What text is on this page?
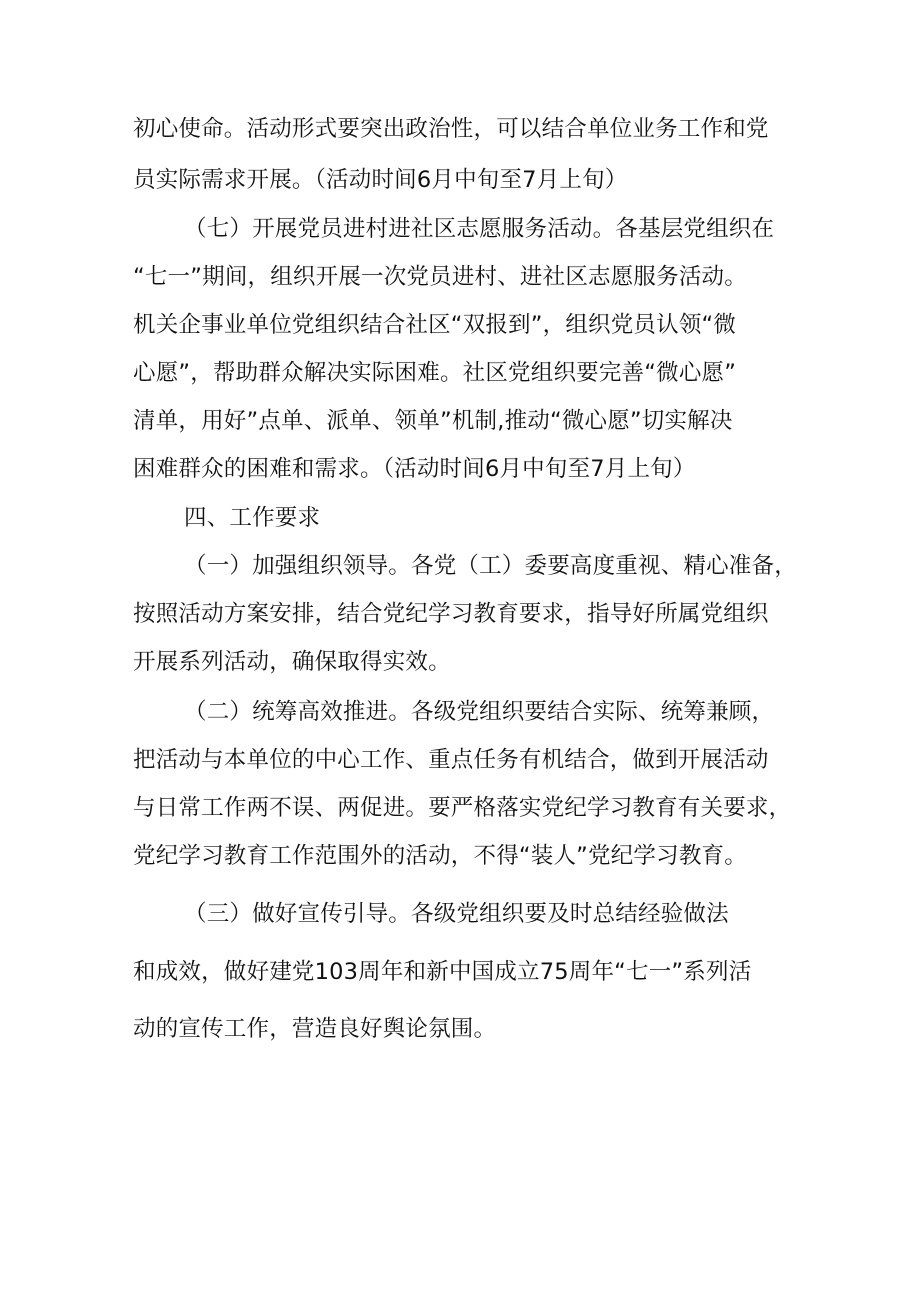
初心使命。活动形式要突出政治性，可以结合单位业务工作和党
员实际需求开展。（活动时间6月中旬至7月上旬）
（七）开展党员进村进社区志愿服务活动。各基层党组织在
“七一”期间，组织开展一次党员进村、进社区志愿服务活动。
机关企事业单位党组织结合社区“双报到”，组织党员认领“微
心愿”，帮助群众解决实际困难。社区党组织要完善“微心愿”
清单，用好”点单、派单、领单”机制,推动“微心愿”切实解决
困难群众的困难和需求。（活动时间6月中旬至7月上旬）
四、工作要求
（一）加强组织领导。各党（工）委要高度重视、精心准备，
按照活动方案安排，结合党纪学习教育要求，指导好所属党组织
开展系列活动，确保取得实效。
（二）统筹高效推进。各级党组织要结合实际、统筹兼顾，
把活动与本单位的中心工作、重点任务有机结合，做到开展活动
与日常工作两不误、两促进。要严格落实党纪学习教育有关要求，
党纪学习教育工作范围外的活动，不得“装人”党纪学习教育。
（三）做好宣传引导。各级党组织要及时总结经验做法
和成效，做好建党103周年和新中国成立75周年“七一”系列活
动的宣传工作，营造良好舆论氛围。
